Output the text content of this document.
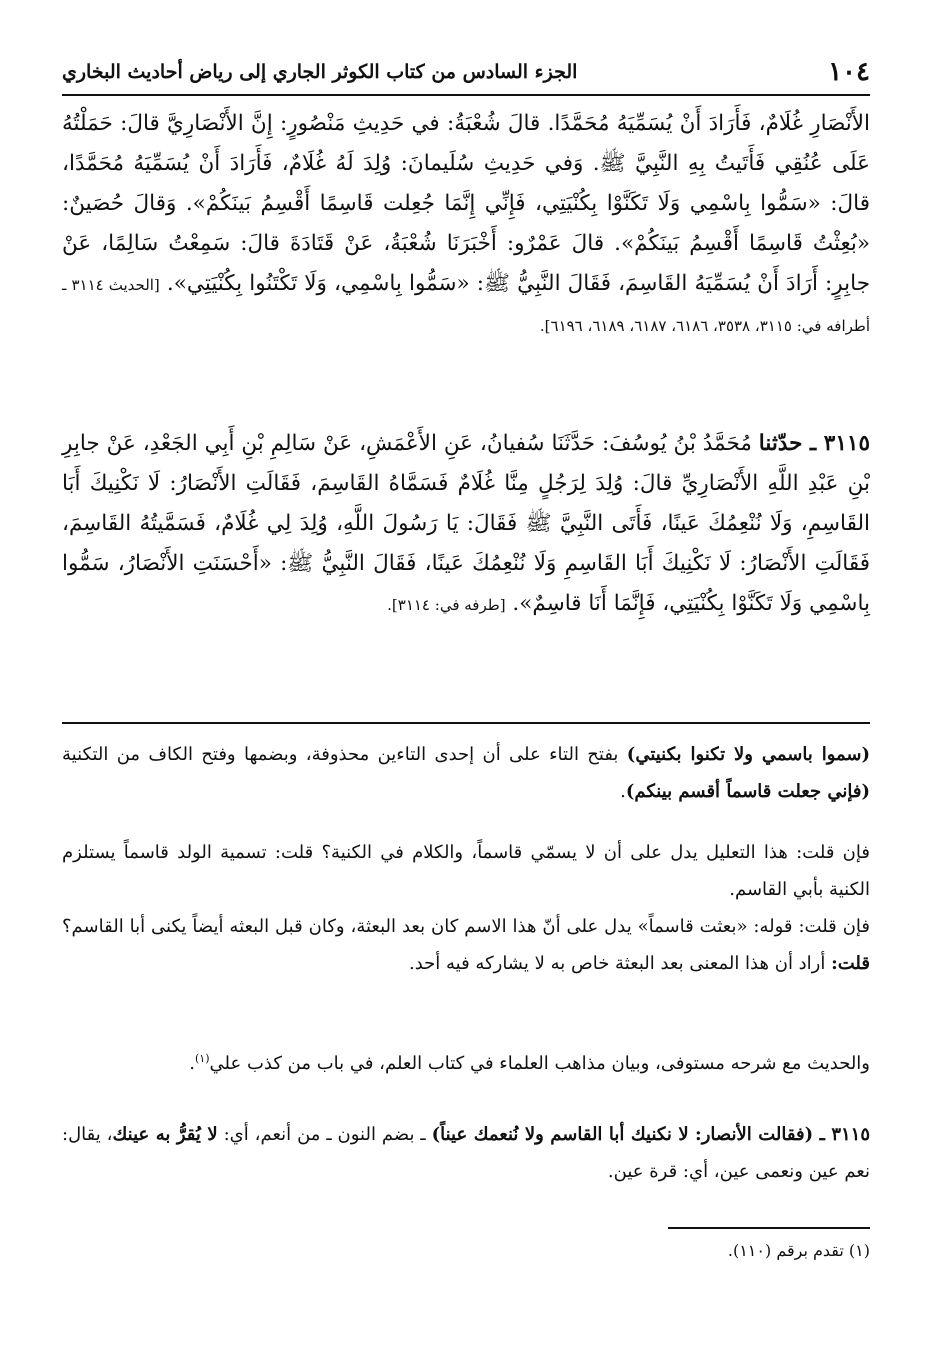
١٠٤
الجزء السادس من كتاب الكوثر الجاري إلى رياض أحاديث البخاري
الأَنْصَارِ غُلَامٌ، فَأَرَادَ أَنْ يُسَمِّيَهُ مُحَمَّدًا. قالَ شُعْبَةُ: في حَدِيثِ مَنْصُورٍ: إِنَّ الأَنْصَارِيَّ قالَ: حَمَلْتُهُ عَلَى عُنُقِي فَأَتَيتُ بِهِ النَّبِيَّ ﷺ. وَفي حَدِيثِ سُلَيمانَ: وُلِدَ لَهُ غُلَامٌ، فَأَرَادَ أَنْ يُسَمِّيَهُ مُحَمَّدًا، قالَ: «سَمُّوا بِاسْمِي وَلَا تَكَنَّوْا بِكُنْيَتِي، فَإِنِّي إِنَّمَا جُعِلت قَاسِمًا أَقْسِمُ بَينَكُمْ». وَقالَ حُصَينٌ: «بُعِثْتُ قَاسِمًا أَقْسِمُ بَينَكُمْ». قالَ عَمْرٌو: أَخْبَرَنَا شُعْبَةُ، عَنْ قَتَادَةَ قالَ: سَمِعْتُ سَالِمًا، عَنْ جابِرٍ: أَرَادَ أَنْ يُسَمِّيَهُ القَاسِمَ، فَقَالَ النَّبِيُّ ﷺ: «سَمُّوا بِاسْمِي، وَلَا تَكْتَنُوا بِكُنْيَتِي». [الحديث ٣١١٤ ـ أطرافه في: ٣١١٥، ٣٥٣٨، ٦١٨٦، ٦١٨٧، ٦١٨٩، ٦١٩٦].
٣١١٥ ـ حدّثنا مُحَمَّدُ بْنُ يُوسُفَ: حَدَّثَنَا سُفيانُ، عَنِ الأَعْمَشِ، عَنْ سَالِمِ بْنِ أَبِي الجَعْدِ، عَنْ جابِرِ بْنِ عَبْدِ اللَّهِ الأَنْصَارِيِّ قالَ: وُلِدَ لِرَجُلٍ مِنَّا غُلَامٌ فَسَمَّاهُ القَاسِمَ، فَقَالَتِ الأَنْصَارُ: لَا نَكْنِيكَ أَبَا القَاسِمِ، وَلَا نُنْعِمُكَ عَينًا، فَأَتَى النَّبِيَّ ﷺ فَقَالَ: يَا رَسُولَ اللَّهِ، وُلِدَ لِي غُلَامٌ، فَسَمَّيتُهُ القَاسِمَ، فَقَالَتِ الأَنْصَارُ: لَا نَكْنِيكَ أَبَا القَاسِمِ وَلَا نُنْعِمُكَ عَينًا، فَقَالَ النَّبِيُّ ﷺ: «أَحْسَنَتِ الأَنْصَارُ، سَمُّوا بِاسْمِي وَلَا تَكَنَّوْا بِكُنْيَتِي، فَإِنَّمَا أَنَا قاسِمٌ». [طرفه في: ٣١١٤].

(سموا باسمي ولا تكنوا بكنيتي) بفتح التاء على أن إحدى التاءين محذوفة، وبضمها وفتح الكاف من التكنية (فإني جعلت قاسماً أقسم بينكم).

فإن قلت: هذا التعليل يدل على أن لا يسمّي قاسماً، والكلام في الكنية؟ قلت: تسمية الولد قاسماً يستلزم الكنية بأبي القاسم.

فإن قلت: قوله: «بعثت قاسماً» يدل على أنّ هذا الاسم كان بعد البعثة، وكان قبل البعثه أيضاً يكنى أبا القاسم؟ قلت: أراد أن هذا المعنى بعد البعثة خاص به لا يشاركه فيه أحد.

والحديث مع شرحه مستوفى، وبيان مذاهب العلماء في كتاب العلم، في باب من كذب علي$^{(١)}$.

٣١١٥ ـ (فقالت الأنصار: لا نكنيك أبا القاسم ولا نُنعمك عيناً) ـ بضم النون ـ من أنعم، أي: لا يُقرُّ به عينك، يقال: نعم عين ونعمى عين، أي: قرة عين.

(١) تقدم برقم (١١٠).
